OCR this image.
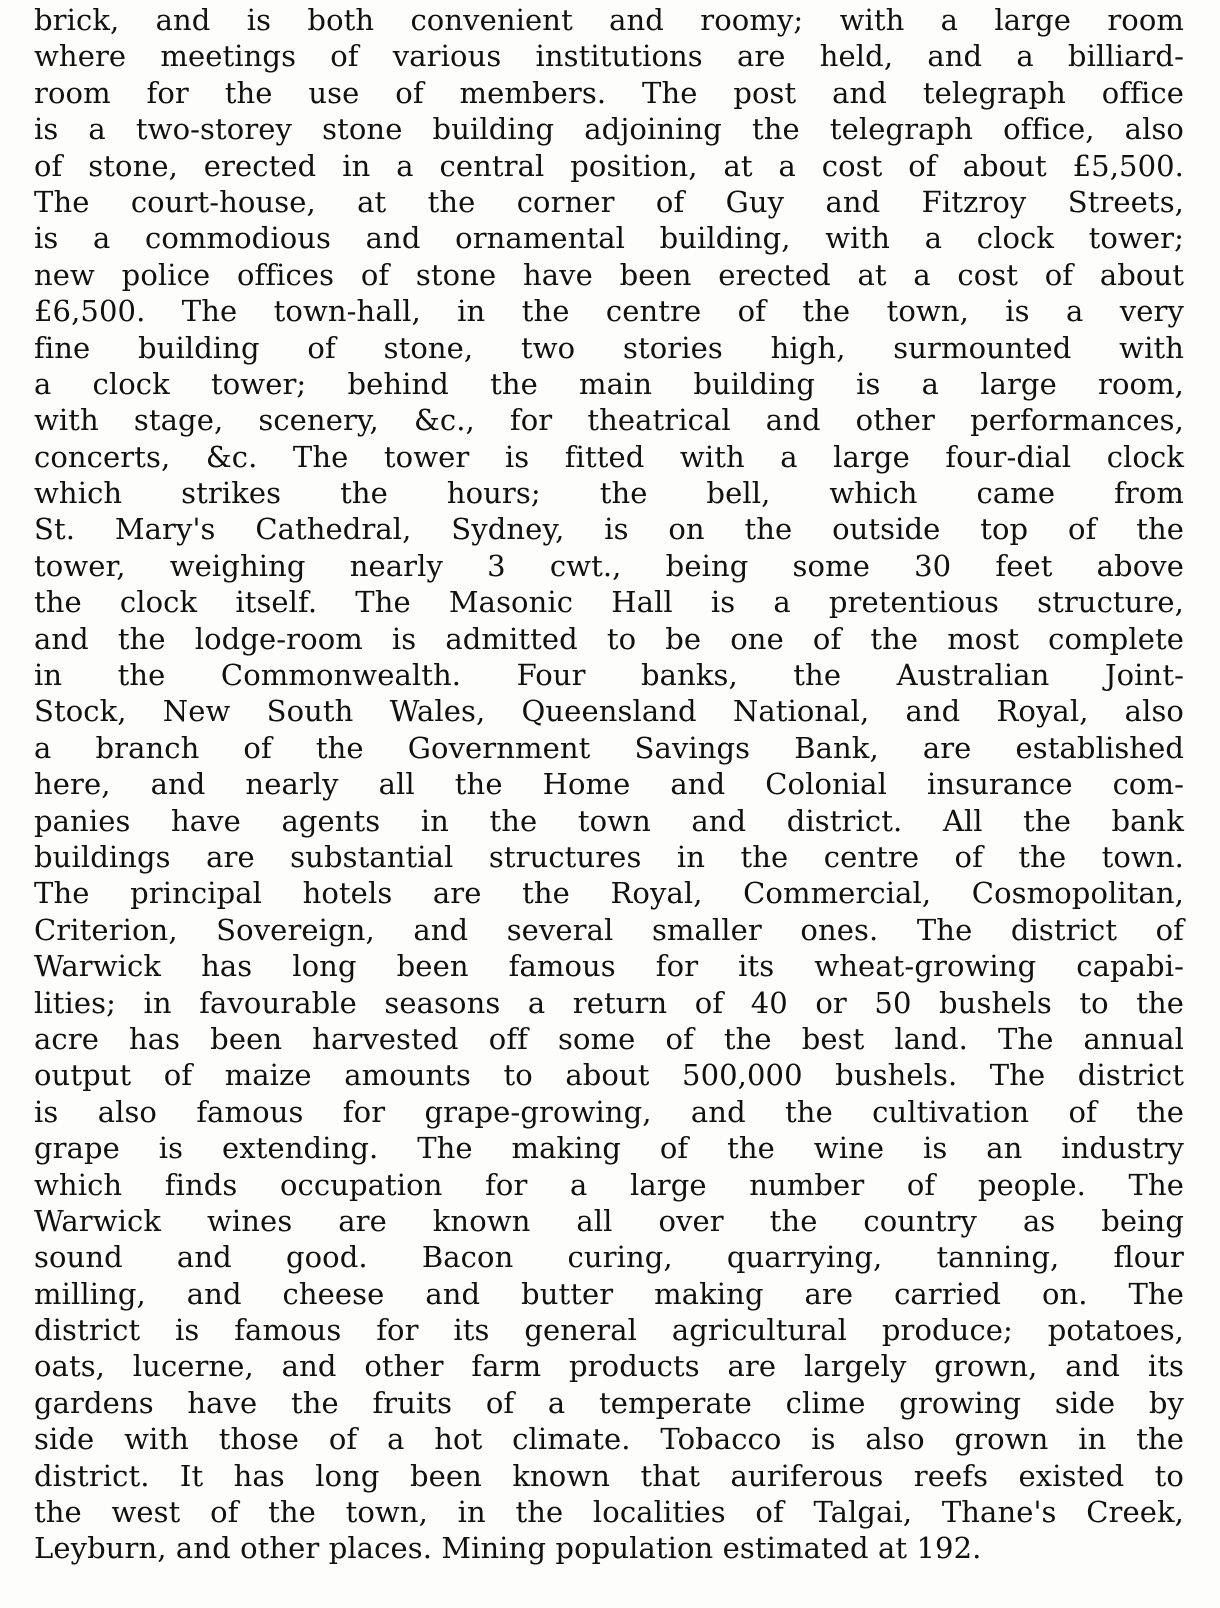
brick, and is both convenient and roomy; with a large room
where meetings of various institutions are held, and a billiard-
room for the use of members. The post and telegraph office
is a two-storey stone building adjoining the telegraph office, also
of stone, erected in a central position, at a cost of about £5,500.
The court-house, at the corner of Guy and Fitzroy Streets,
is a commodious and ornamental building, with a clock tower;
new police offices of stone have been erected at a cost of about
£6,500. The town-hall, in the centre of the town, is a very
fine building of stone, two stories high, surmounted with
a clock tower; behind the main building is a large room,
with stage, scenery, &c., for theatrical and other performances,
concerts, &c. The tower is fitted with a large four-dial clock
which strikes the hours; the bell, which came from
St. Mary's Cathedral, Sydney, is on the outside top of the
tower, weighing nearly 3 cwt., being some 30 feet above
the clock itself. The Masonic Hall is a pretentious structure,
and the lodge-room is admitted to be one of the most complete
in the Commonwealth. Four banks, the Australian Joint-
Stock, New South Wales, Queensland National, and Royal, also
a branch of the Government Savings Bank, are established
here, and nearly all the Home and Colonial insurance com-
panies have agents in the town and district. All the bank
buildings are substantial structures in the centre of the town.
The principal hotels are the Royal, Commercial, Cosmopolitan,
Criterion, Sovereign, and several smaller ones. The district of
Warwick has long been famous for its wheat-growing capabi-
lities; in favourable seasons a return of 40 or 50 bushels to the
acre has been harvested off some of the best land. The annual
output of maize amounts to about 500,000 bushels. The district
is also famous for grape-growing, and the cultivation of the
grape is extending. The making of the wine is an industry
which finds occupation for a large number of people. The
Warwick wines are known all over the country as being
sound and good. Bacon curing, quarrying, tanning, flour
milling, and cheese and butter making are carried on. The
district is famous for its general agricultural produce; potatoes,
oats, lucerne, and other farm products are largely grown, and its
gardens have the fruits of a temperate clime growing side by
side with those of a hot climate. Tobacco is also grown in the
district. It has long been known that auriferous reefs existed to
the west of the town, in the localities of Talgai, Thane's Creek,
Leyburn, and other places. Mining population estimated at 192.
